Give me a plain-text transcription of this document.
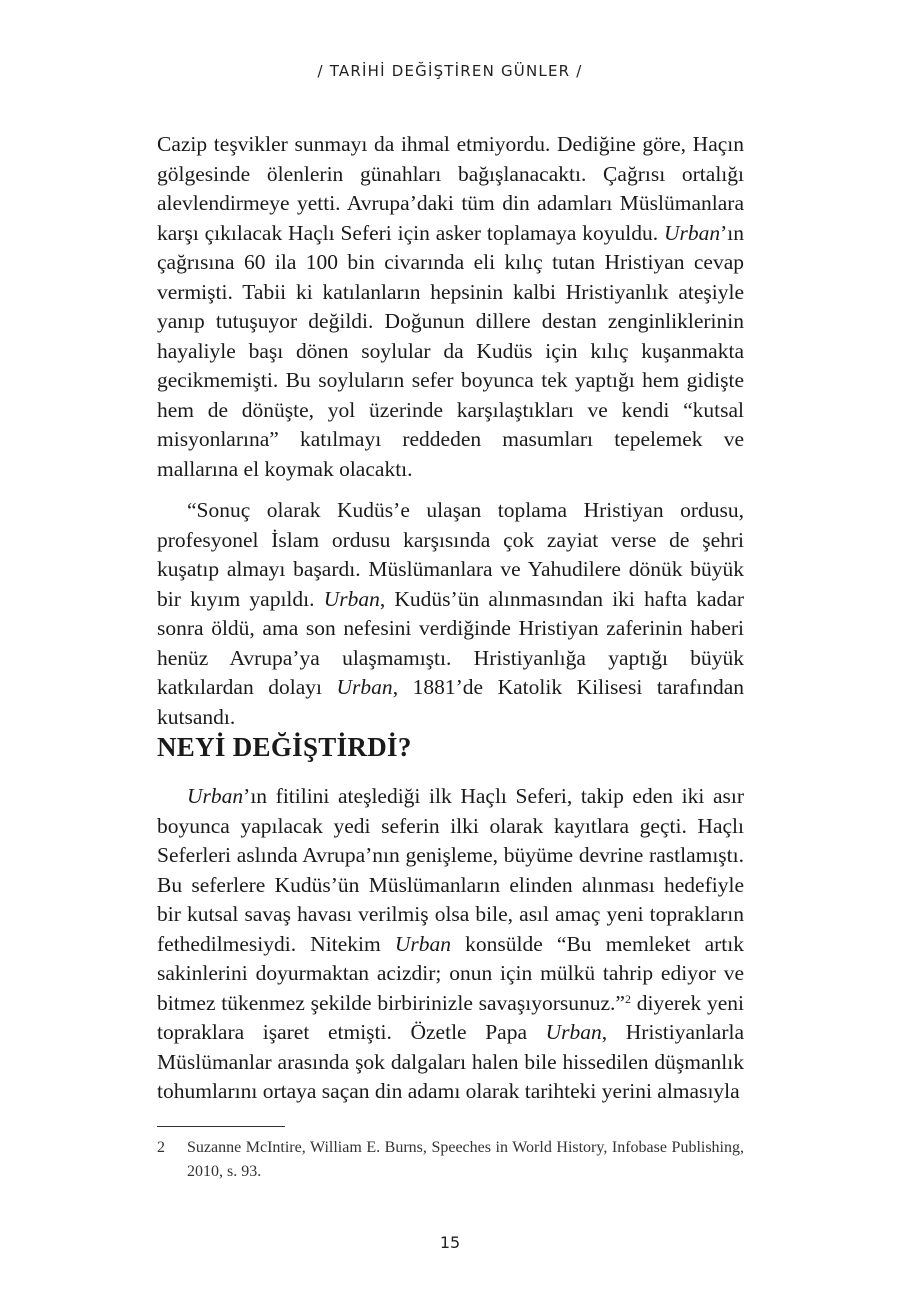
/ TARİHİ DEĞİŞTİREN GÜNLER /

Cazip teşvikler sunmayı da ihmal etmiyordu. Dediğine göre, Haçın gölgesinde ölenlerin günahları bağışlanacaktı. Çağrısı ortalığı alevlendirmeye yetti. Avrupa’daki tüm din adamları Müslümanlara karşı çıkılacak Haçlı Seferi için asker toplamaya koyuldu. Urban’ın çağrısına 60 ila 100 bin civarında eli kılıç tutan Hristiyan cevap vermişti. Tabii ki katılanların hepsinin kalbi Hristiyanlık ateşiyle yanıp tutuşuyor değildi. Doğunun dillere destan zenginliklerinin hayaliyle başı dönen soylular da Kudüs için kılıç kuşanmakta gecikmemişti. Bu soyluların sefer boyunca tek yaptığı hem gidişte hem de dönüşte, yol üzerinde karşılaştıkları ve kendi “kutsal misyonlarına” katılmayı reddeden masumları tepelemek ve mallarına el koymak olacaktı.

“Sonuç olarak Kudüs’e ulaşan toplama Hristiyan ordusu, profesyonel İslam ordusu karşısında çok zayiat verse de şehri kuşatıp almayı başardı. Müslümanlara ve Yahudilere dönük büyük bir kıyım yapıldı. Urban, Kudüs’ün alınmasından iki hafta kadar sonra öldü, ama son nefesini verdiğinde Hristiyan zaferinin haberi henüz Avrupa’ya ulaşmamıştı. Hristiyanlığa yaptığı büyük katkılardan dolayı Urban, 1881’de Katolik Kilisesi tarafından kutsandı.

NEYİ DEĞİŞTİRDİ?

Urban’ın fitilini ateşlediği ilk Haçlı Seferi, takip eden iki asır boyunca yapılacak yedi seferin ilki olarak kayıtlara geçti. Haçlı Seferleri aslında Avrupa’nın genişleme, büyüme devrine rastlamıştı. Bu seferlere Kudüs’ün Müslümanların elinden alınması hedefiyle bir kutsal savaş havası verilmiş olsa bile, asıl amaç yeni toprakların fethedilmesiydi. Nitekim Urban konsülde “Bu memleket artık sakinlerini doyurmaktan acizdir; onun için mülkü tahrip ediyor ve bitmez tükenmez şekilde birbirinizle savaşıyorsunuz.”$^2$ diyerek yeni topraklara işaret etmişti. Özetle Papa Urban, Hristiyanlarla Müslümanlar arasında şok dalgaları halen bile hissedilen düşmanlık tohumlarını ortaya saçan din adamı olarak tarihteki yerini almasıyla

2 Suzanne McIntire, William E. Burns, Speeches in World History, Infobase Publishing, 2010, s. 93.
15
